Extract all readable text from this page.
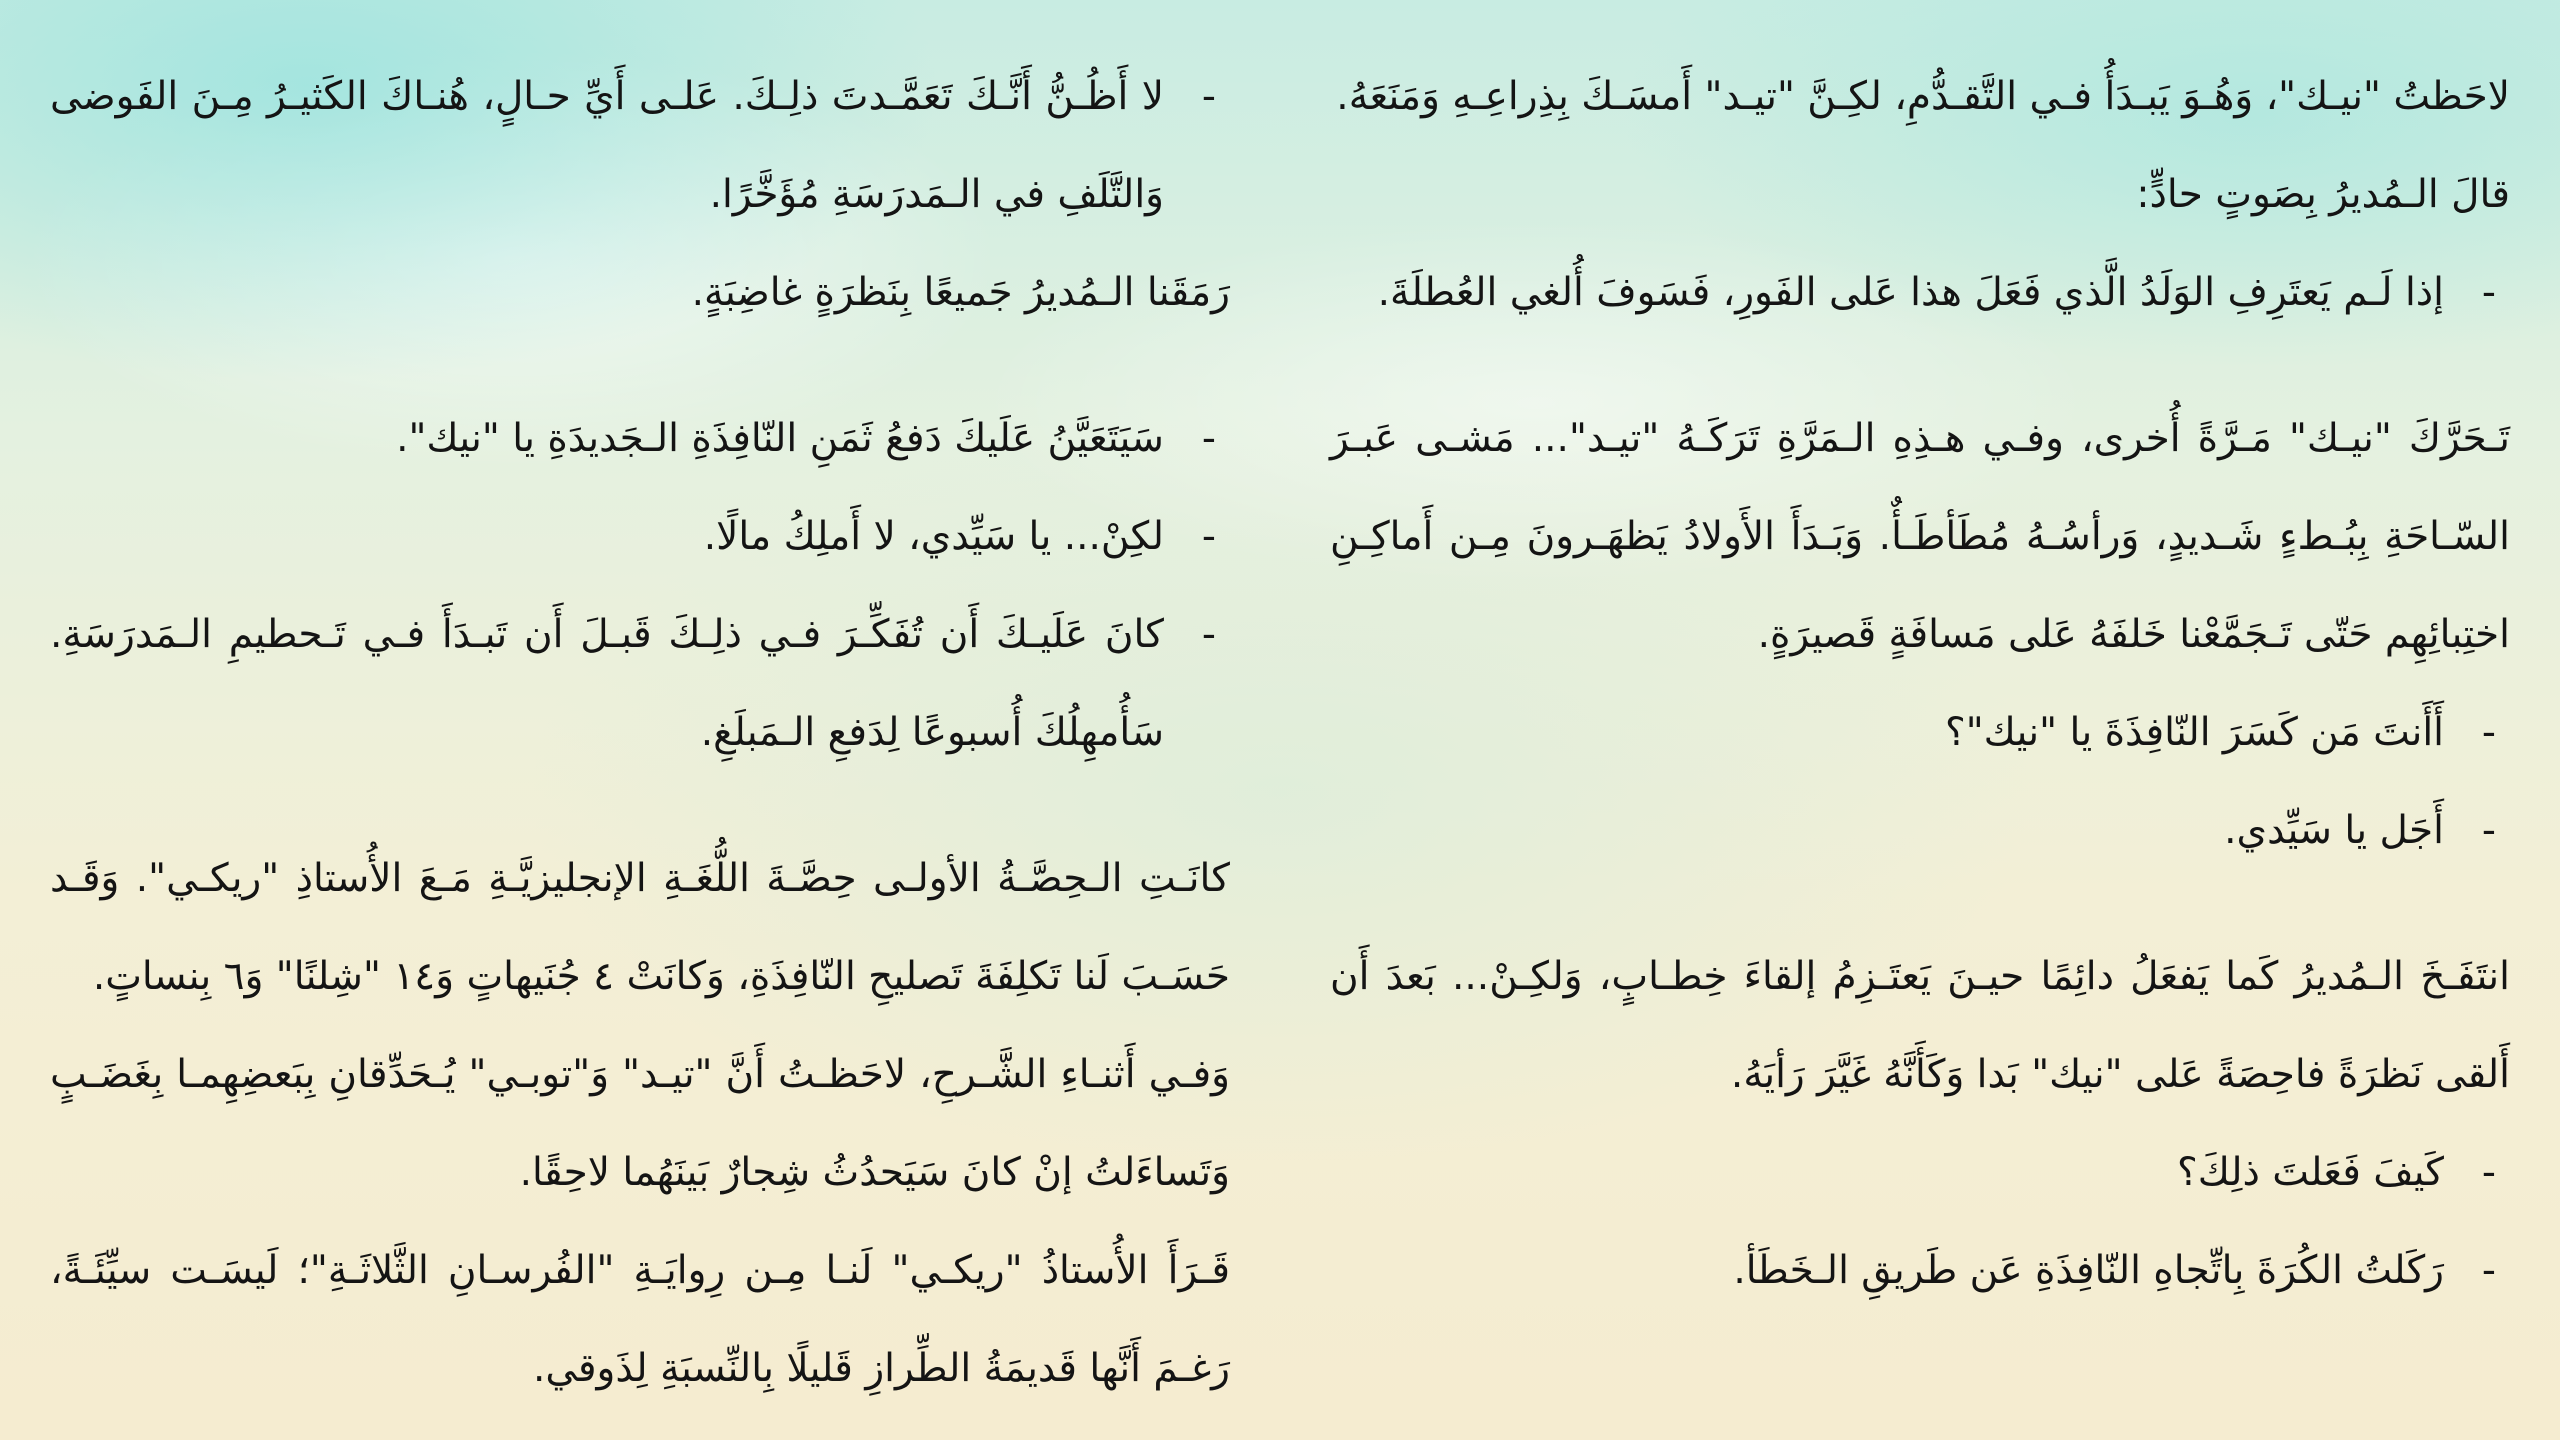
لاحَظتُ "نيـك"، وَهُـوَ يَبـدَأُ فـي التَّقـدُّمِ، لكِـنَّ "تيـد" أَمسَـكَ بِذِراعِـهِ وَمَنَعَهُ.

قالَ الـمُديرُ بِصَوتٍ حادٍّ:

- إذا لَـم يَعتَرِفِ الوَلَدُ الَّذي فَعَلَ هذا عَلى الفَورِ، فَسَوفَ أُلغي العُطلَةَ.

تَـحَرَّكَ "نيـك" مَـرَّةً أُخرى، وفـي هـذِهِ الـمَرَّةِ تَرَكَـهُ "تيـد"... مَشـى عَبـرَ السّـاحَةِ بِبُـطءٍ شَـديدٍ، وَرأسُـهُ مُطَأطَـأٌ. وَبَـدَأَ الأَولادُ يَظهَـرونَ مِـن أَماكِـنِ اختِبائِهِم حَتّى تَـجَمَّعْنا خَلفَهُ عَلى مَسافَةٍ قَصيرَةٍ.

- أَأَنتَ مَن كَسَرَ النّافِذَةَ يا "نيك"؟

- أَجَل يا سَيِّدي.

انتَفَـخَ الـمُديرُ كَما يَفعَلُ دائِمًا حيـنَ يَعتَـزِمُ إلقاءَ خِطـابٍ، وَلكِـنْ... بَعدَ أَن أَلقى نَظرَةً فاحِصَةً عَلى "نيك" بَدا وَكَأَنَّهُ غَيَّرَ رَأيَهُ.

- كَيفَ فَعَلتَ ذلِكَ؟

- رَكَلتُ الكُرَةَ بِاتِّجاهِ النّافِذَةِ عَن طَريقِ الـخَطَأ.

- لا أَظُـنُّ أَنَّـكَ تَعَمَّـدتَ ذلِـكَ. عَلـى أَيِّ حـالٍ، هُنـاكَ الكَثيـرُ مِـنَ الفَوضى وَالتَّلَفِ في الـمَدرَسَةِ مُؤَخَّرًا.

رَمَقَنا الـمُديرُ جَميعًا بِنَظرَةٍ غاضِبَةٍ.

- سَيَتَعَيَّنُ عَلَيكَ دَفعُ ثَمَنِ النّافِذَةِ الـجَديدَةِ يا "نيك".

- لكِنْ... يا سَيِّدي، لا أَملِكُ مالًا.

- كانَ عَلَيـكَ أَن تُفَكِّـرَ فـي ذلِـكَ قَبـلَ أَن تَبـدَأَ فـي تَـحطيمِ الـمَدرَسَةِ. سَأُمهِلُكَ أُسبوعًا لِدَفعِ الـمَبلَغِ.

كانَـتِ الـحِصَّـةُ الأولـى حِصَّـةَ اللُّغَـةِ الإنجليزيَّـةِ مَـعَ الأُستاذِ "ريكـي". وَقَـد حَسَـبَ لَنا تَكلِفَةَ تَصليحِ النّافِذَةِ، وَكانَتْ ٤ جُنَيهاتٍ وَ١٤ "شِلنًا" وَ٦ بِنساتٍ.

وَفـي أَثنـاءِ الشَّـرحِ، لاحَظـتُ أَنَّ "تيـد" وَ"توبـي" يُـحَدِّقانِ بِبَعضِهِمـا بِغَضَـبٍ وَتَساءَلتُ إنْ كانَ سَيَحدُثُ شِجارٌ بَينَهُما لاحِقًا.

قَـرَأَ الأُستاذُ "ريكـي" لَنـا مِـن رِوايَـةِ "الفُرسـانِ الثَّلاثَـةِ"؛ لَيسَـت سيِّئَـةً، رَغـمَ أَنَّها قَديمَةُ الطِّرازِ قَليلًا بِالنِّسبَةِ لِذَوقي.
